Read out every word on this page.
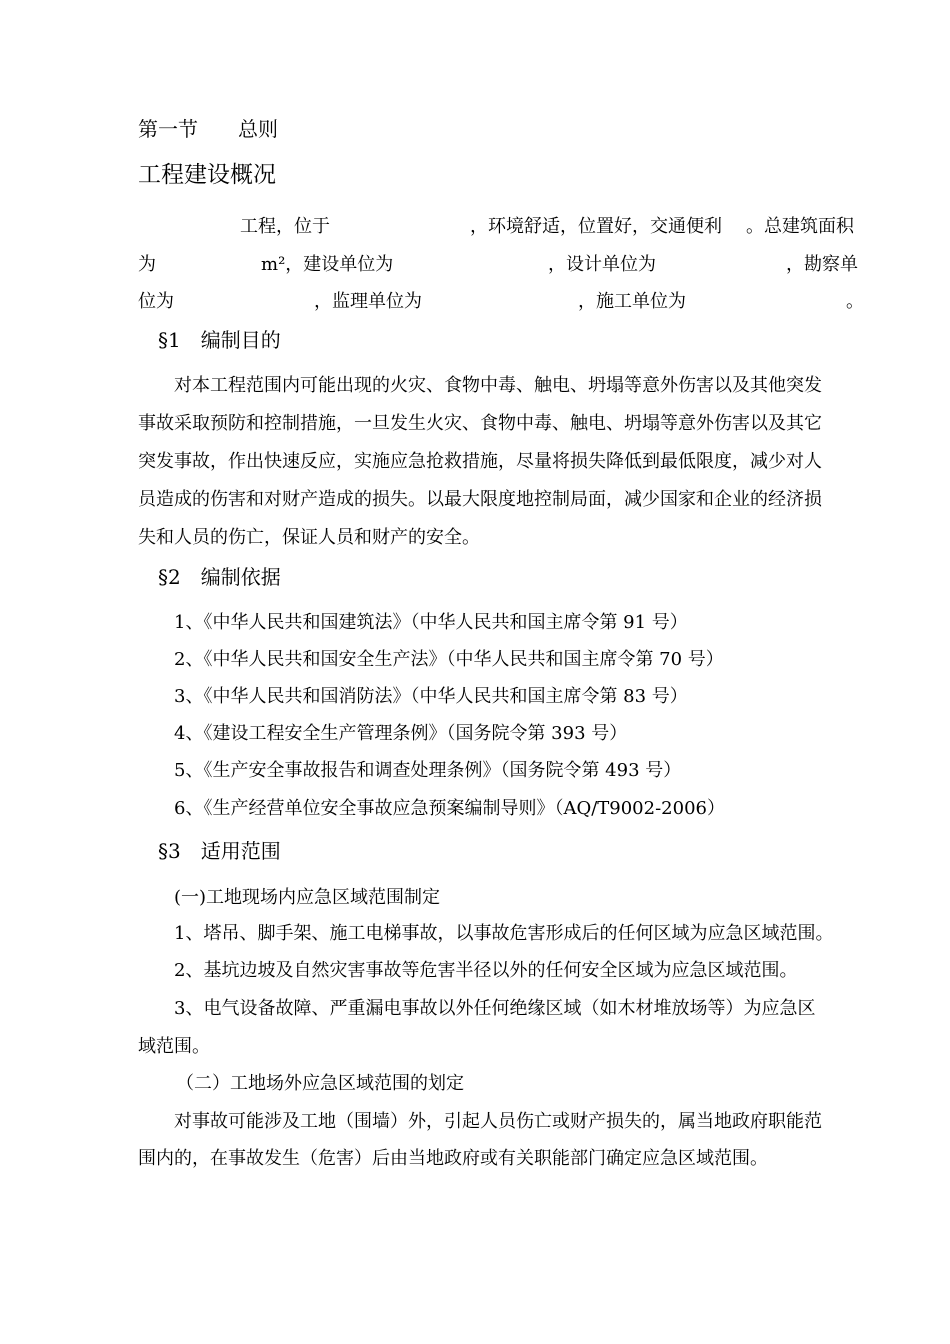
第一节　　总则
工程建设概况
工程，位于	，环境舒适，位置好，交通便利 。总建筑面积
为	m²，建设单位为	，设计单位为	，勘察单
位为	，监理单位为	，施工单位为	。
§1　编制目的
对本工程范围内可能出现的火灾、食物中毒、触电、坍塌等意外伤害以及其他突发
事故采取预防和控制措施，一旦发生火灾、食物中毒、触电、坍塌等意外伤害以及其它
突发事故，作出快速反应，实施应急抢救措施，尽量将损失降低到最低限度，减少对人
员造成的伤害和对财产造成的损失。以最大限度地控制局面，减少国家和企业的经济损
失和人员的伤亡，保证人员和财产的安全。
§2　编制依据
1、《中华人民共和国建筑法》（中华人民共和国主席令第 91 号）
2、《中华人民共和国安全生产法》（中华人民共和国主席令第 70 号）
3、《中华人民共和国消防法》（中华人民共和国主席令第 83 号）
4、《建设工程安全生产管理条例》（国务院令第 393 号）
5、《生产安全事故报告和调查处理条例》（国务院令第 493 号）
6、《生产经营单位安全事故应急预案编制导则》（AQ/T9002-2006）
§3　适用范围
(一)工地现场内应急区域范围制定
1、塔吊、脚手架、施工电梯事故，以事故危害形成后的任何区域为应急区域范围。
2、基坑边坡及自然灾害事故等危害半径以外的任何安全区域为应急区域范围。
3、电气设备故障、严重漏电事故以外任何绝缘区域（如木材堆放场等）为应急区
域范围。
（二）工地场外应急区域范围的划定
对事故可能涉及工地（围墙）外，引起人员伤亡或财产损失的，属当地政府职能范
围内的，在事故发生（危害）后由当地政府或有关职能部门确定应急区域范围。
